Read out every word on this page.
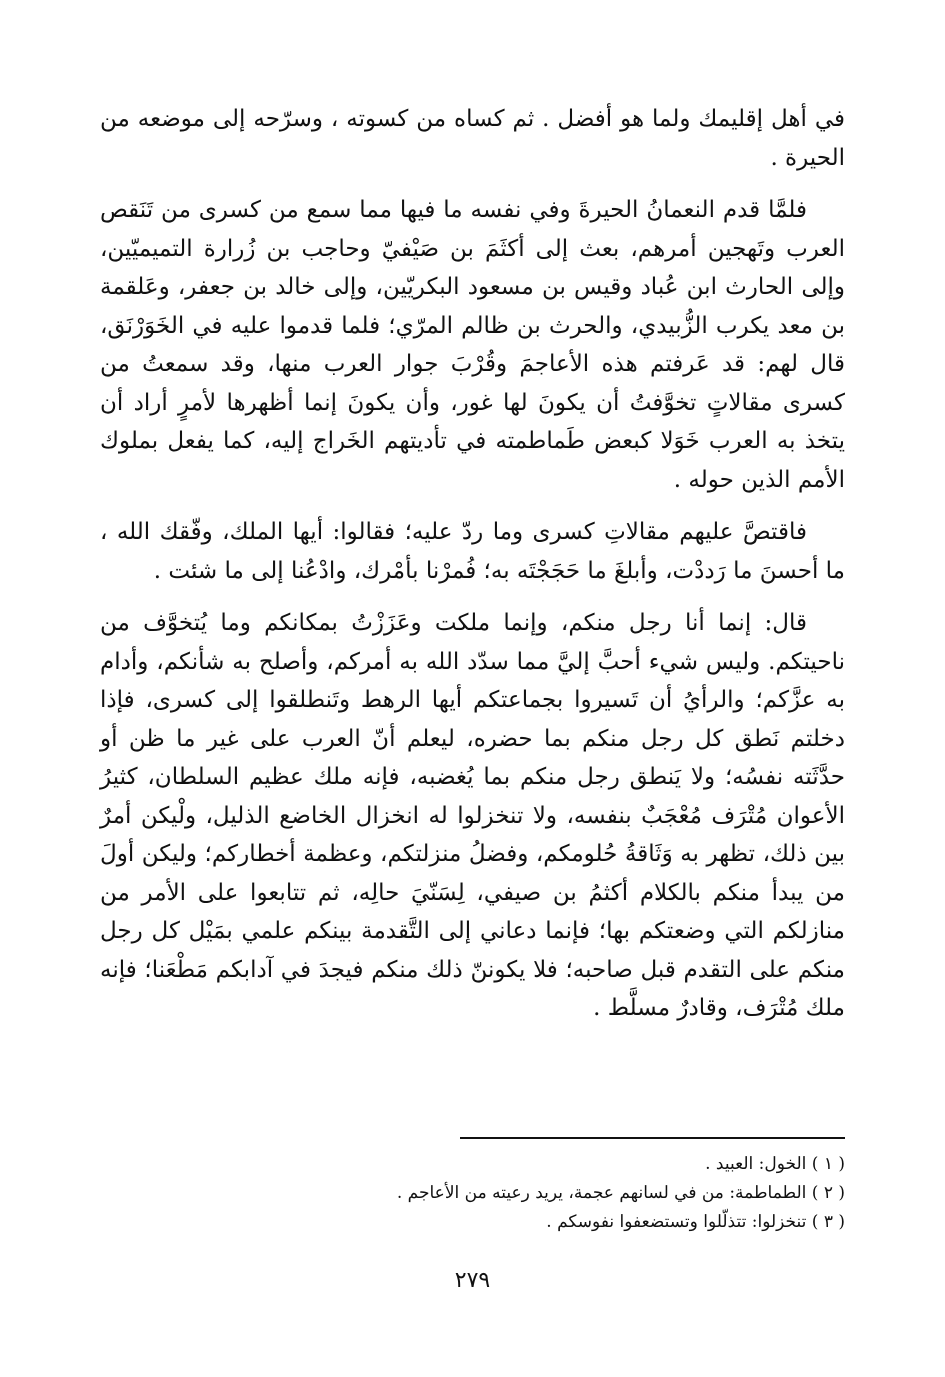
في أهل إقليمك ولما هو أفضل . ثم كساه من كسوته ، وسرّحه إلى موضعه من الحيرة .

فلمَّا قدم النعمانُ الحيرةَ وفي نفسه ما فيها مما سمع من كسرى من تَنَقص العرب وتَهجين أمرهم، بعث إلى أكثَمَ بن صَيْفيّ وحاجب بن زُرارة التميميّين، وإلى الحارث ابن عُباد وقيس بن مسعود البكريّين، وإلى خالد بن جعفر، وعَلقمة بن معد يكرب الزُّبيدي، والحرث بن ظالم المرّي؛ فلما قدموا عليه في الخَوَرْنَق، قال لهم: قد عَرفتم هذه الأعاجمَ وقُرْبَ جوار العرب منها، وقد سمعتُ من كسرى مقالاتٍ تخوَّفتُ أن يكونَ لها غور، وأن يكونَ إنما أظهرها لأمرٍ أراد أن يتخذ به العرب خَوَلا كبعض طَماطمته في تأديتهم الخَراج إليه، كما يفعل بملوك الأمم الذين حوله .

فاقتصَّ عليهم مقالاتِ كسرى وما ردّ عليه؛ فقالوا: أيها الملك، وفّقك الله ، ما أحسنَ ما رَددْت، وأبلغَ ما حَجَجْتَه به؛ فُمرْنا بأمْرك، وادْعُنا إلى ما شئت .

قال: إنما أنا رجل منكم، وإنما ملكت وعَزَزْتُ بمكانكم وما يُتخوَّف من ناحيتكم. وليس شيء أحبَّ إليَّ مما سدّد الله به أمركم، وأصلح به شأنكم، وأدام به عزَّكم؛ والرأيُ أن تَسيروا بجماعتكم أيها الرهط وتَنطلقوا إلى كسرى، فإذا دخلتم نَطق كل رجل منكم بما حضره، ليعلم أنّ العرب على غير ما ظن أو حدَّثَته نفسُه؛ ولا يَنطق رجل منكم بما يُغضبه، فإنه ملك عظيم السلطان، كثيرُ الأعوان مُتْرَف مُعْجَبٌ بنفسه، ولا تنخزلوا له انخزال الخاضع الذليل، ولْيكن أمرٌ بين ذلك، تظهر به وَثَاقةُ حُلومكم، وفضلُ منزلتكم، وعظمة أخطاركم؛ وليكن أولَ من يبدأ منكم بالكلام أكثمُ بن صيفي، لِسَنّيَ حالِه، ثم تتابعوا على الأمر من منازلكم التي وضعتكم بها؛ فإنما دعاني إلى التَّقدمة بينكم علمي بمَيْل كل رجل منكم على التقدم قبل صاحبه؛ فلا يكوننّ ذلك منكم فيجدَ في آدابكم مَطْعَنا؛ فإنه ملك مُتْرَف، وقادرٌ مسلَّط .

( ١ ) الخول: العبيد .
( ٢ ) الطماطمة: من في لسانهم عجمة، يريد رعيته من الأعاجم .
( ٣ ) تنخزلوا: تتذلّلوا وتستضعفوا نفوسكم .
٢٧٩
